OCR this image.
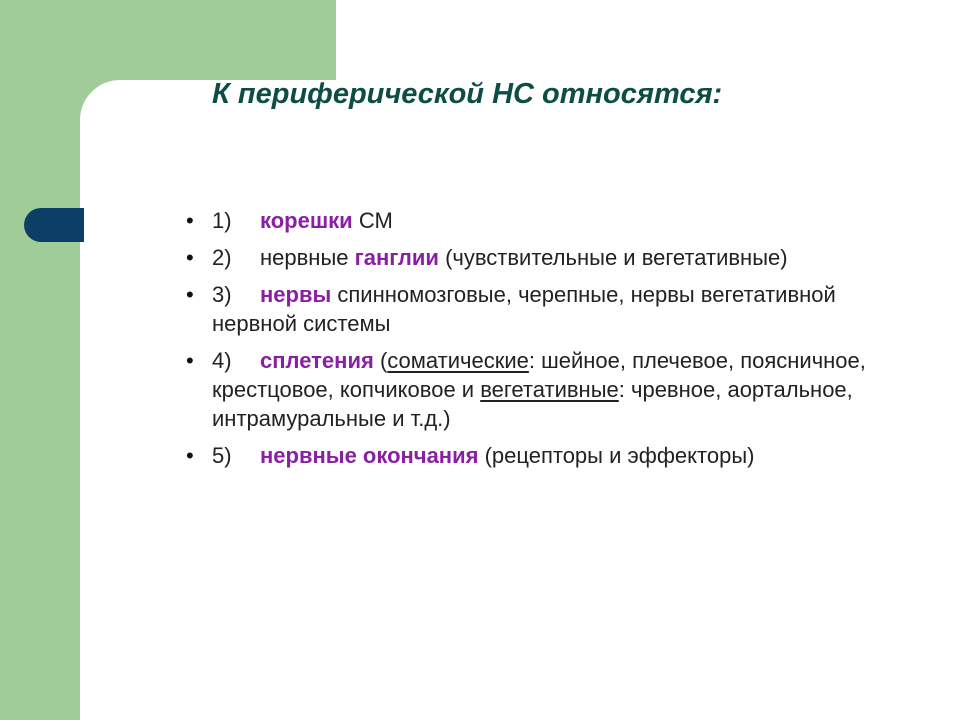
К периферической НС относятся:
• 1) корешки СМ
• 2) нервные ганглии (чувствительные и вегетативные)
• 3) нервы спинномозговые, черепные, нервы вегетативной нервной системы
• 4) сплетения (соматические: шейное, плечевое, поясничное, крестцовое, копчиковое и вегетативные: чревное, аортальное, интрамуральные и т.д.)
• 5) нервные окончания (рецепторы и эффекторы)
